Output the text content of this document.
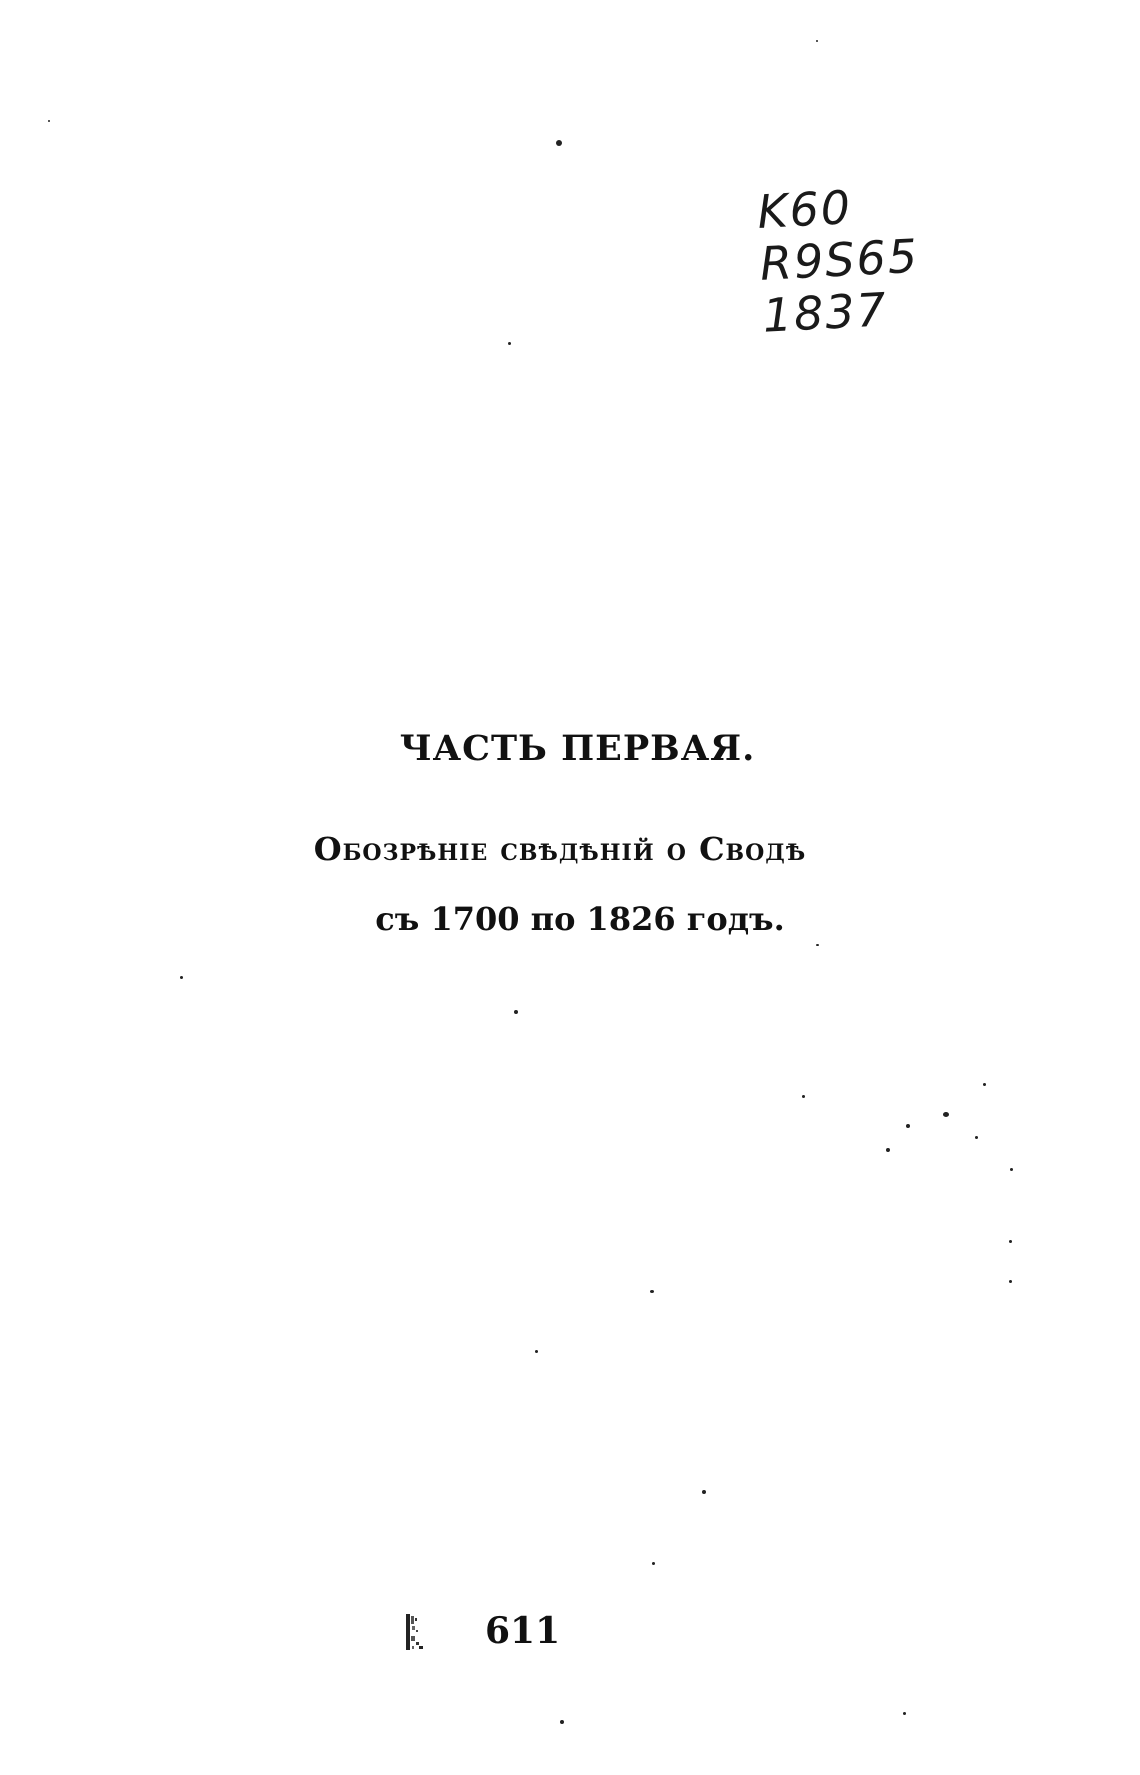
K60
R9S65
1837
ЧАСТЬ ПЕРВАЯ.
Обозрѣніе свѣдѣній о Сводѣ
съ 1700 по 1826 годъ.
611
